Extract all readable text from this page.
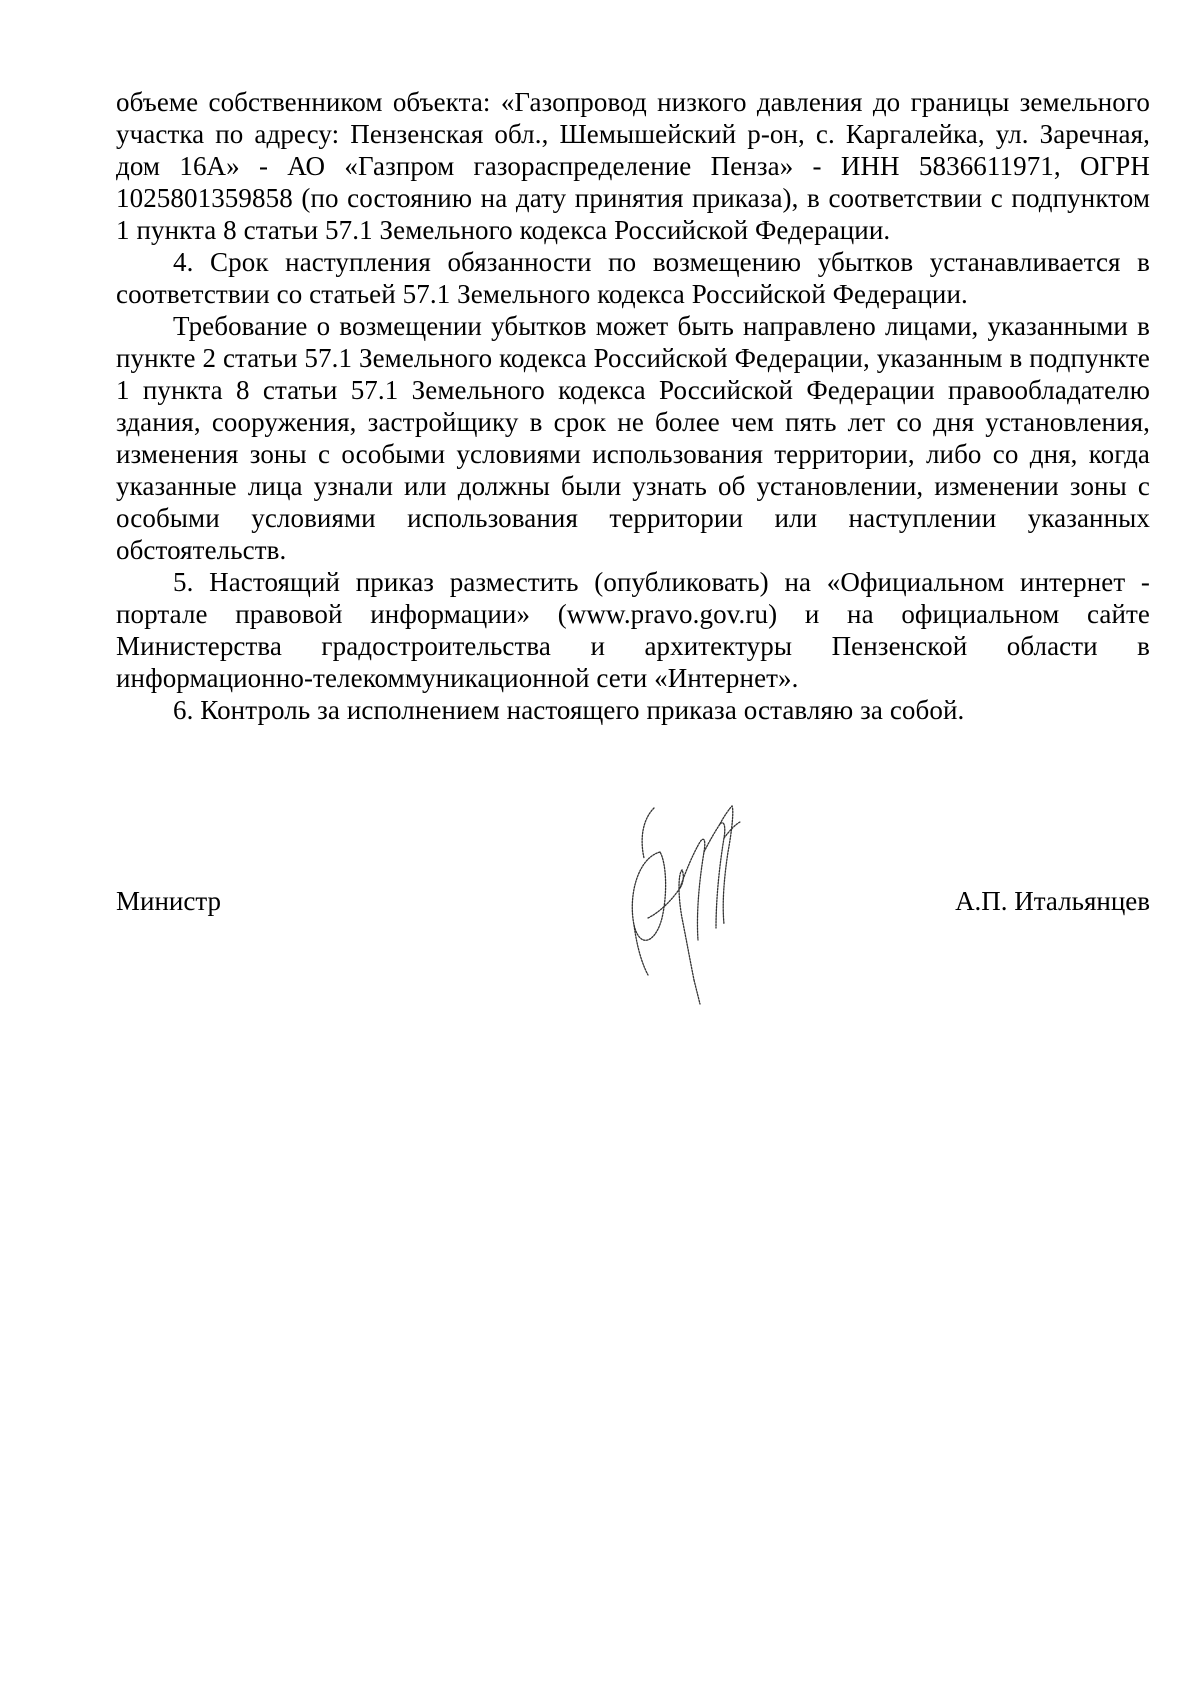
объеме собственником объекта: «Газопровод низкого давления до границы земельного участка по адресу: Пензенская обл., Шемышейский р-он, с. Каргалейка, ул. Заречная, дом 16А» - АО «Газпром газораспределение Пенза» - ИНН 5836611971, ОГРН 1025801359858 (по состоянию на дату принятия приказа), в соответствии с подпунктом 1 пункта 8 статьи 57.1 Земельного кодекса Российской Федерации.

4. Срок наступления обязанности по возмещению убытков устанавливается в соответствии со статьей 57.1 Земельного кодекса Российской Федерации.

Требование о возмещении убытков может быть направлено лицами, указанными в пункте 2 статьи 57.1 Земельного кодекса Российской Федерации, указанным в подпункте 1 пункта 8 статьи 57.1 Земельного кодекса Российской Федерации правообладателю здания, сооружения, застройщику в срок не более чем пять лет со дня установления, изменения зоны с особыми условиями использования территории, либо со дня, когда указанные лица узнали или должны были узнать об установлении, изменении зоны с особыми условиями использования территории или наступлении указанных обстоятельств.

5. Настоящий приказ разместить (опубликовать) на «Официальном интернет - портале правовой информации» (www.pravo.gov.ru) и на официальном сайте Министерства градостроительства и архитектуры Пензенской области в информационно-телекоммуникационной сети «Интернет».

6. Контроль за исполнением настоящего приказа оставляю за собой.

Министр	А.П. Итальянцев
